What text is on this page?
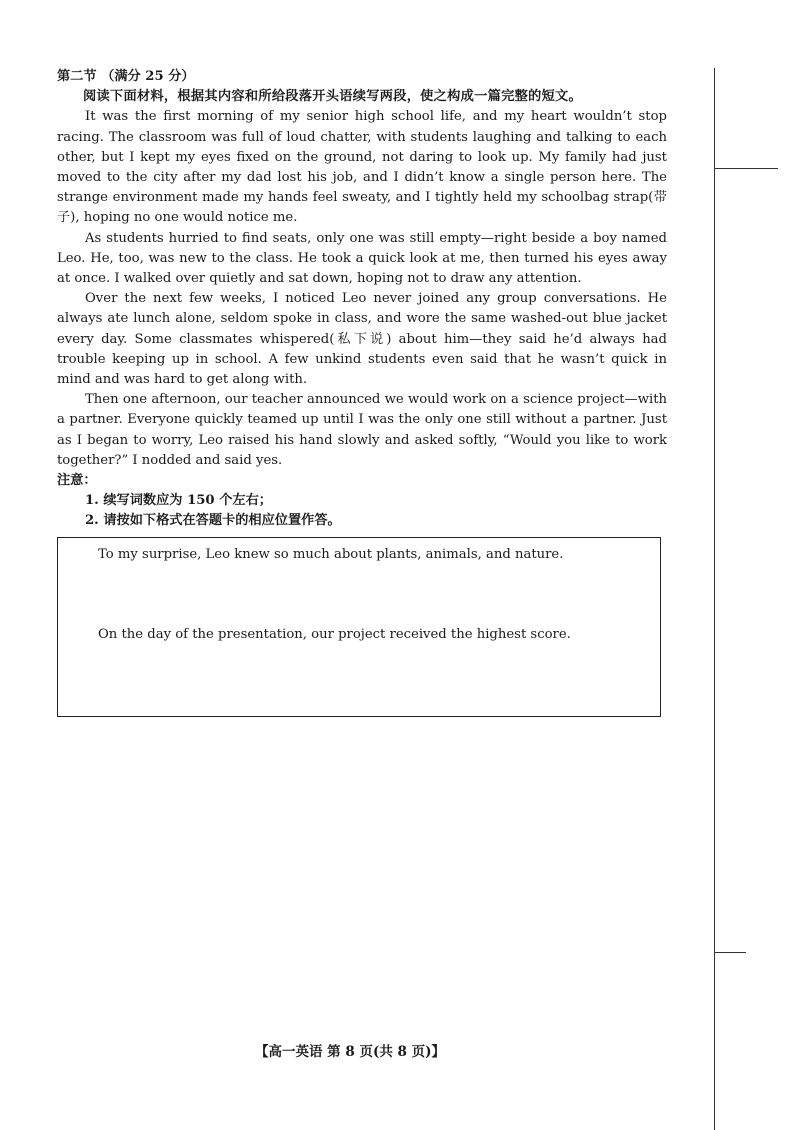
第二节 （满分 25 分）

阅读下面材料，根据其内容和所给段落开头语续写两段，使之构成一篇完整的短文。

It was the first morning of my senior high school life, and my heart wouldn’t stop racing. The classroom was full of loud chatter, with students laughing and talking to each other, but I kept my eyes fixed on the ground, not daring to look up. My family had just moved to the city after my dad lost his job, and I didn’t know a single person here. The strange environment made my hands feel sweaty, and I tightly held my schoolbag strap(带子), hoping no one would notice me.

As students hurried to find seats, only one was still empty—right beside a boy named Leo. He, too, was new to the class. He took a quick look at me, then turned his eyes away at once. I walked over quietly and sat down, hoping not to draw any attention.

Over the next few weeks, I noticed Leo never joined any group conversations. He always ate lunch alone, seldom spoke in class, and wore the same washed-out blue jacket every day. Some classmates whispered(私下说) about him—they said he’d always had trouble keeping up in school. A few unkind students even said that he wasn’t quick in mind and was hard to get along with.

Then one afternoon, our teacher announced we would work on a science project—with a partner. Everyone quickly teamed up until I was the only one still without a partner. Just as I began to worry, Leo raised his hand slowly and asked softly, “Would you like to work together?” I nodded and said yes.

注意：

1. 续写词数应为 150 个左右；

2. 请按如下格式在答题卡的相应位置作答。

To my surprise, Leo knew so much about plants, animals, and nature.

On the day of the presentation, our project received the highest score.

【高一英语 第 8 页(共 8 页)】
